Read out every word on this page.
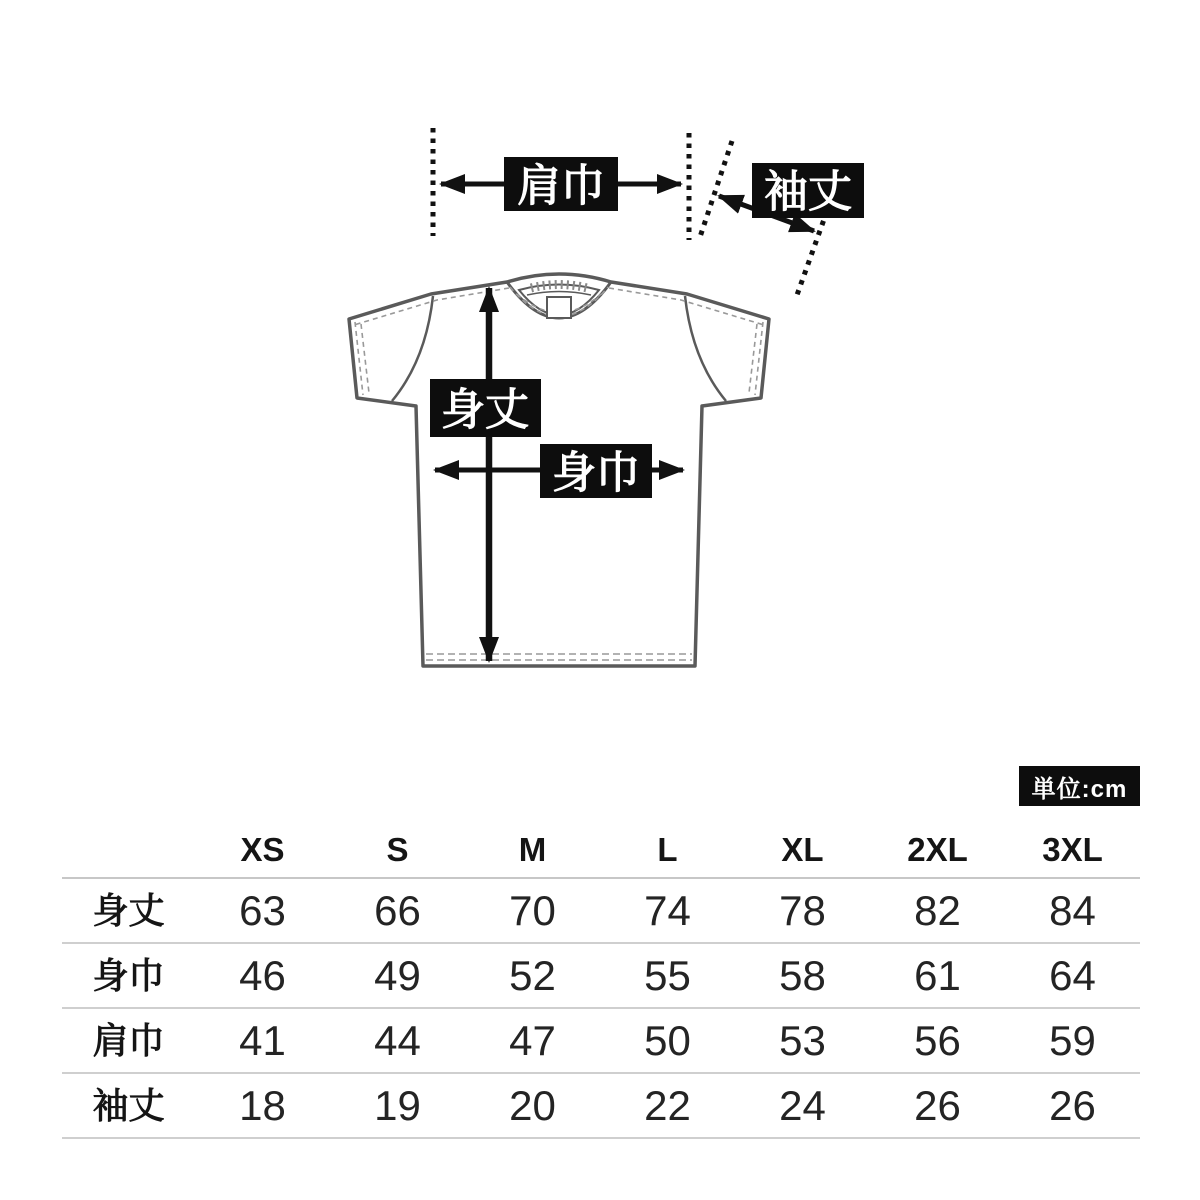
肩巾	袖丈
身丈
身巾
単位:cm
XS	S	M	L	XL	2XL	3XL
身丈	63	66	70	74	78	82	84
身巾	46	49	52	55	58	61	64
肩巾	41	44	47	50	53	56	59
袖丈	18	19	20	22	24	26	26
